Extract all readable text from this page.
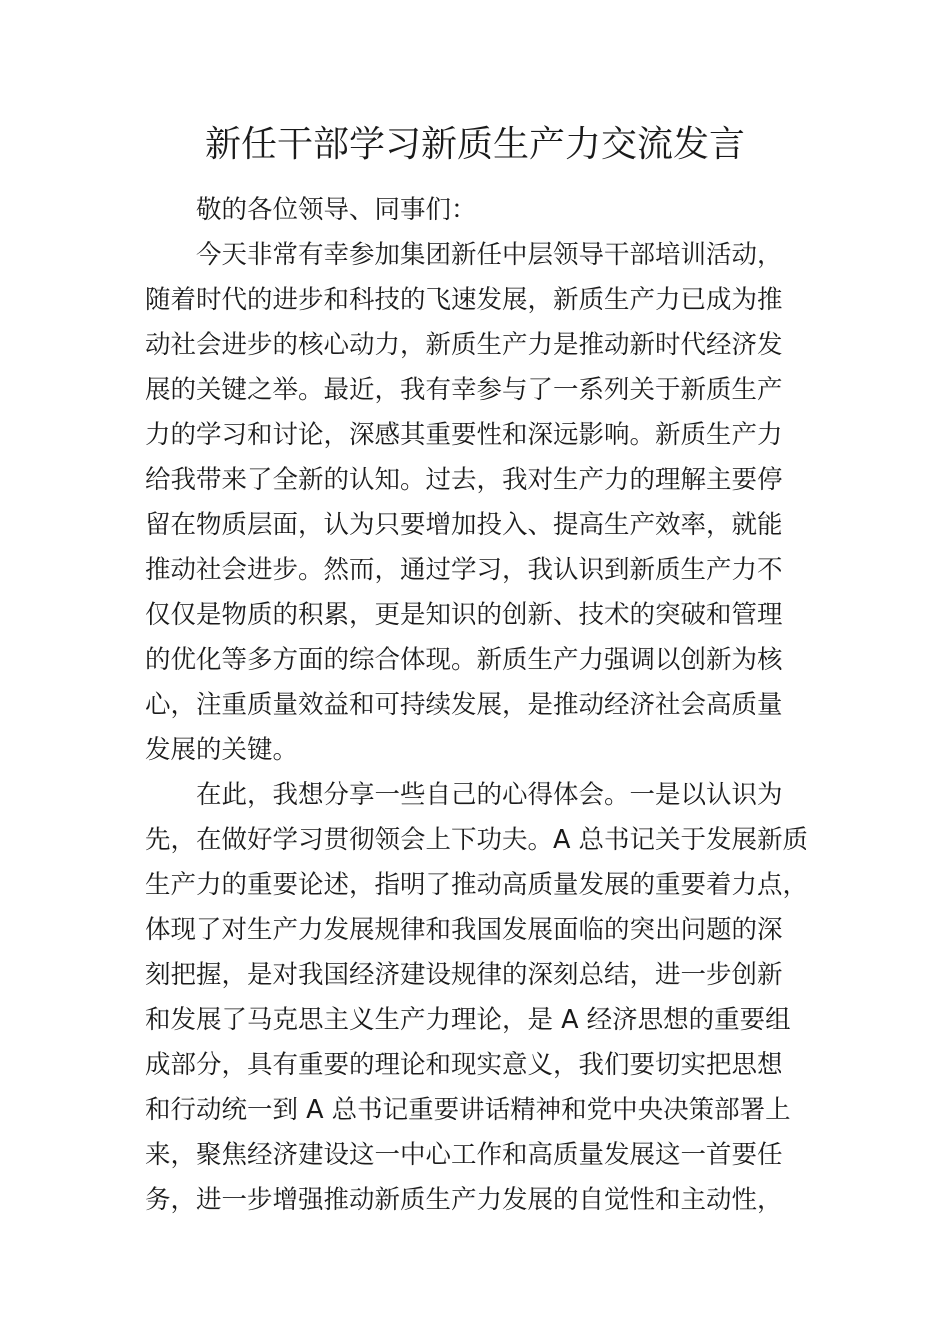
新任干部学习新质生产力交流发言

敬的各位领导、同事们：

今天非常有幸参加集团新任中层领导干部培训活动，

随着时代的进步和科技的飞速发展，新质生产力已成为推

动社会进步的核心动力，新质生产力是推动新时代经济发

展的关键之举。最近，我有幸参与了一系列关于新质生产

力的学习和讨论，深感其重要性和深远影响。新质生产力

给我带来了全新的认知。过去，我对生产力的理解主要停

留在物质层面，认为只要增加投入、提高生产效率，就能

推动社会进步。然而，通过学习，我认识到新质生产力不

仅仅是物质的积累，更是知识的创新、技术的突破和管理

的优化等多方面的综合体现。新质生产力强调以创新为核

心，注重质量效益和可持续发展，是推动经济社会高质量

发展的关键。

在此，我想分享一些自己的心得体会。一是以认识为

先，在做好学习贯彻领会上下功夫。A 总书记关于发展新质

生产力的重要论述，指明了推动高质量发展的重要着力点，

体现了对生产力发展规律和我国发展面临的突出问题的深

刻把握，是对我国经济建设规律的深刻总结，进一步创新

和发展了马克思主义生产力理论，是 A 经济思想的重要组

成部分，具有重要的理论和现实意义，我们要切实把思想

和行动统一到 A 总书记重要讲话精神和党中央决策部署上

来，聚焦经济建设这一中心工作和高质量发展这一首要任

务，进一步增强推动新质生产力发展的自觉性和主动性，
